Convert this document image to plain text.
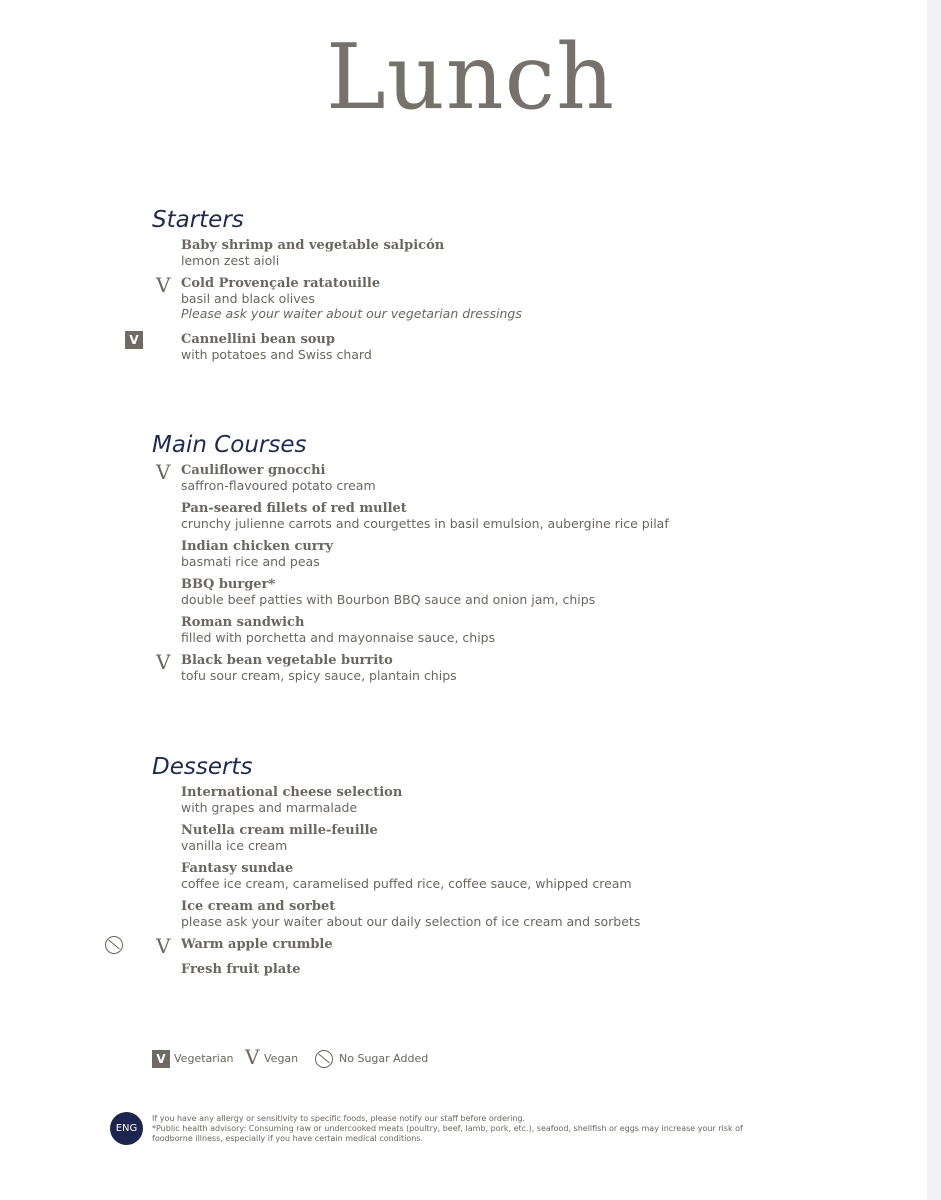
Lunch
Starters
Baby shrimp and vegetable salpicón
lemon zest aioli
V Cold Provençale ratatouille
basil and black olives
Please ask your waiter about our vegetarian dressings
V	Cannellini bean soup
with potatoes and Swiss chard
Main Courses
V Cauliflower gnocchi
saffron-flavoured potato cream
Pan-seared fillets of red mullet
crunchy julienne carrots and courgettes in basil emulsion, aubergine rice pilaf
Indian chicken curry
basmati rice and peas
BBQ burger*
double beef patties with Bourbon BBQ sauce and onion jam, chips
Roman sandwich
filled with porchetta and mayonnaise sauce, chips
V Black bean vegetable burrito
tofu sour cream, spicy sauce, plantain chips
Desserts
International cheese selection
with grapes and marmalade
Nutella cream mille-feuille
vanilla ice cream
Fantasy sundae
coffee ice cream, caramelised puffed rice, coffee sauce, whipped cream
Ice cream and sorbet
please ask your waiter about our daily selection of ice cream and sorbets
V Warm apple crumble
Fresh fruit plate
V Vegetarian V Vegan	No Sugar Added
ENG
If you have any allergy or sensitivity to specific foods, please notify our staff before ordering.
*Public health advisory: Consuming raw or undercooked meats (poultry, beef, lamb, pork, etc.), seafood, shellfish or eggs may increase your risk of foodborne illness, especially if you have certain medical conditions.
